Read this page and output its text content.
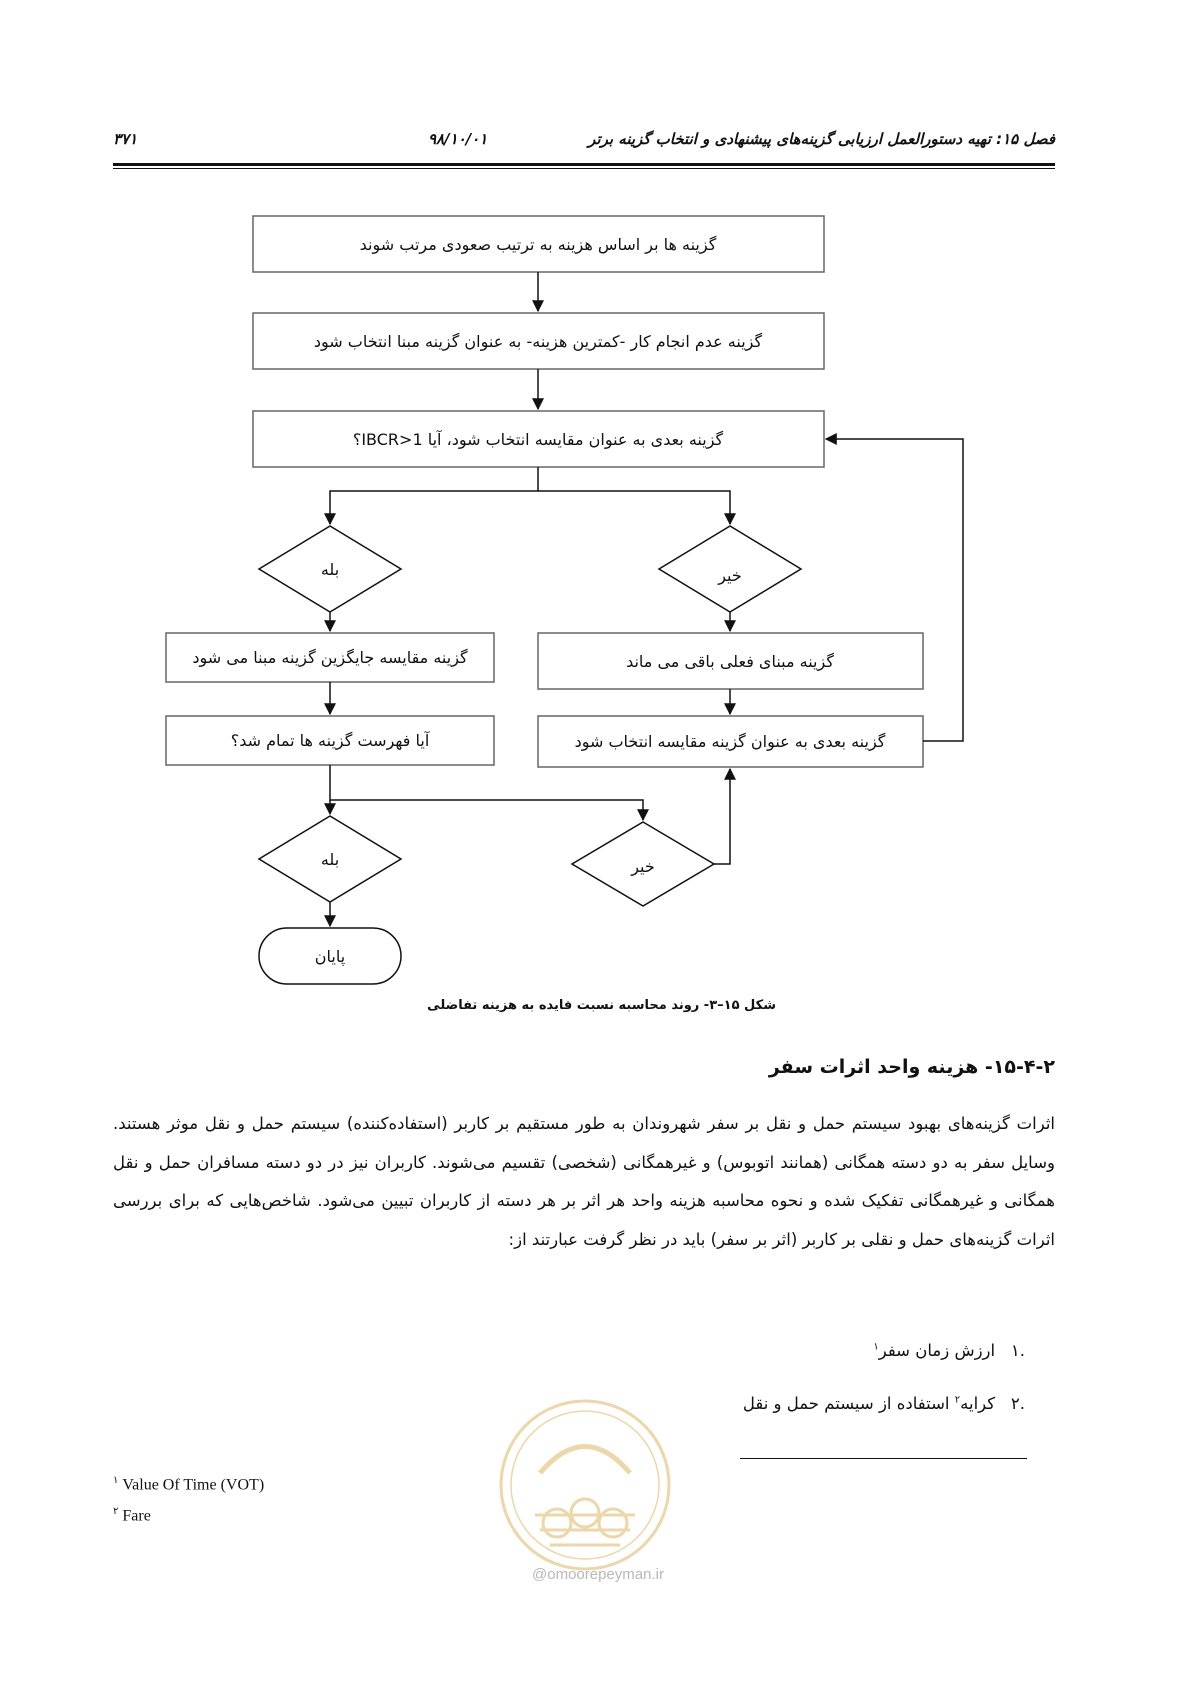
فصل ۱۵: تهیه دستورالعمل ارزیابی گزینه‌های پیشنهادی و انتخاب گزینه برتر
۹۸/۱۰/۰۱
۳۷۱
گزینه ها بر اساس هزینه به ترتیب صعودی مرتب شوند
گزینه عدم انجام کار -کمترین هزینه- به عنوان گزینه مبنا انتخاب شود
گزینه بعدی به عنوان مقایسه انتخاب شود، آیا IBCR>1؟
بله	خیر
گزینه مقایسه جایگزین گزینه مبنا می شود	گزینه مبنای فعلی باقی می ماند
آیا فهرست گزینه ها تمام شد؟	گزینه بعدی به عنوان گزینه مقایسه انتخاب شود
بله	خیر
پایان
شکل ۱۵–۳- روند محاسبه نسبت فایده به هزینه تفاضلی
۱۵-۴-۲- هزینه واحد اثرات سفر
اثرات گزینه‌های بهبود سیستم حمل و نقل بر سفر شهروندان به طور مستقیم بر کاربر (استفاده‌کننده) سیستم حمل و نقل موثر هستند. وسایل سفر به دو دسته همگانی (همانند اتوبوس) و غیرهمگانی (شخصی) تقسیم می‌شوند. کاربران نیز در دو دسته مسافران حمل و نقل همگانی و غیرهمگانی تفکیک شده و نحوه محاسبه هزینه واحد هر اثر بر هر دسته از کاربران تبیین می‌شود. شاخص‌هایی که برای بررسی اثرات گزینه‌های حمل و نقلی بر کاربر (اثر بر سفر) باید در نظر گرفت عبارتند از:
.۱   ارزش زمان سفر$^۱$
.۲   کرایه$^۲$ استفاده از سیستم حمل و نقل
$^۱$ Value Of Time (VOT)
$^۲$ Fare
@omoorepeyman.ir
